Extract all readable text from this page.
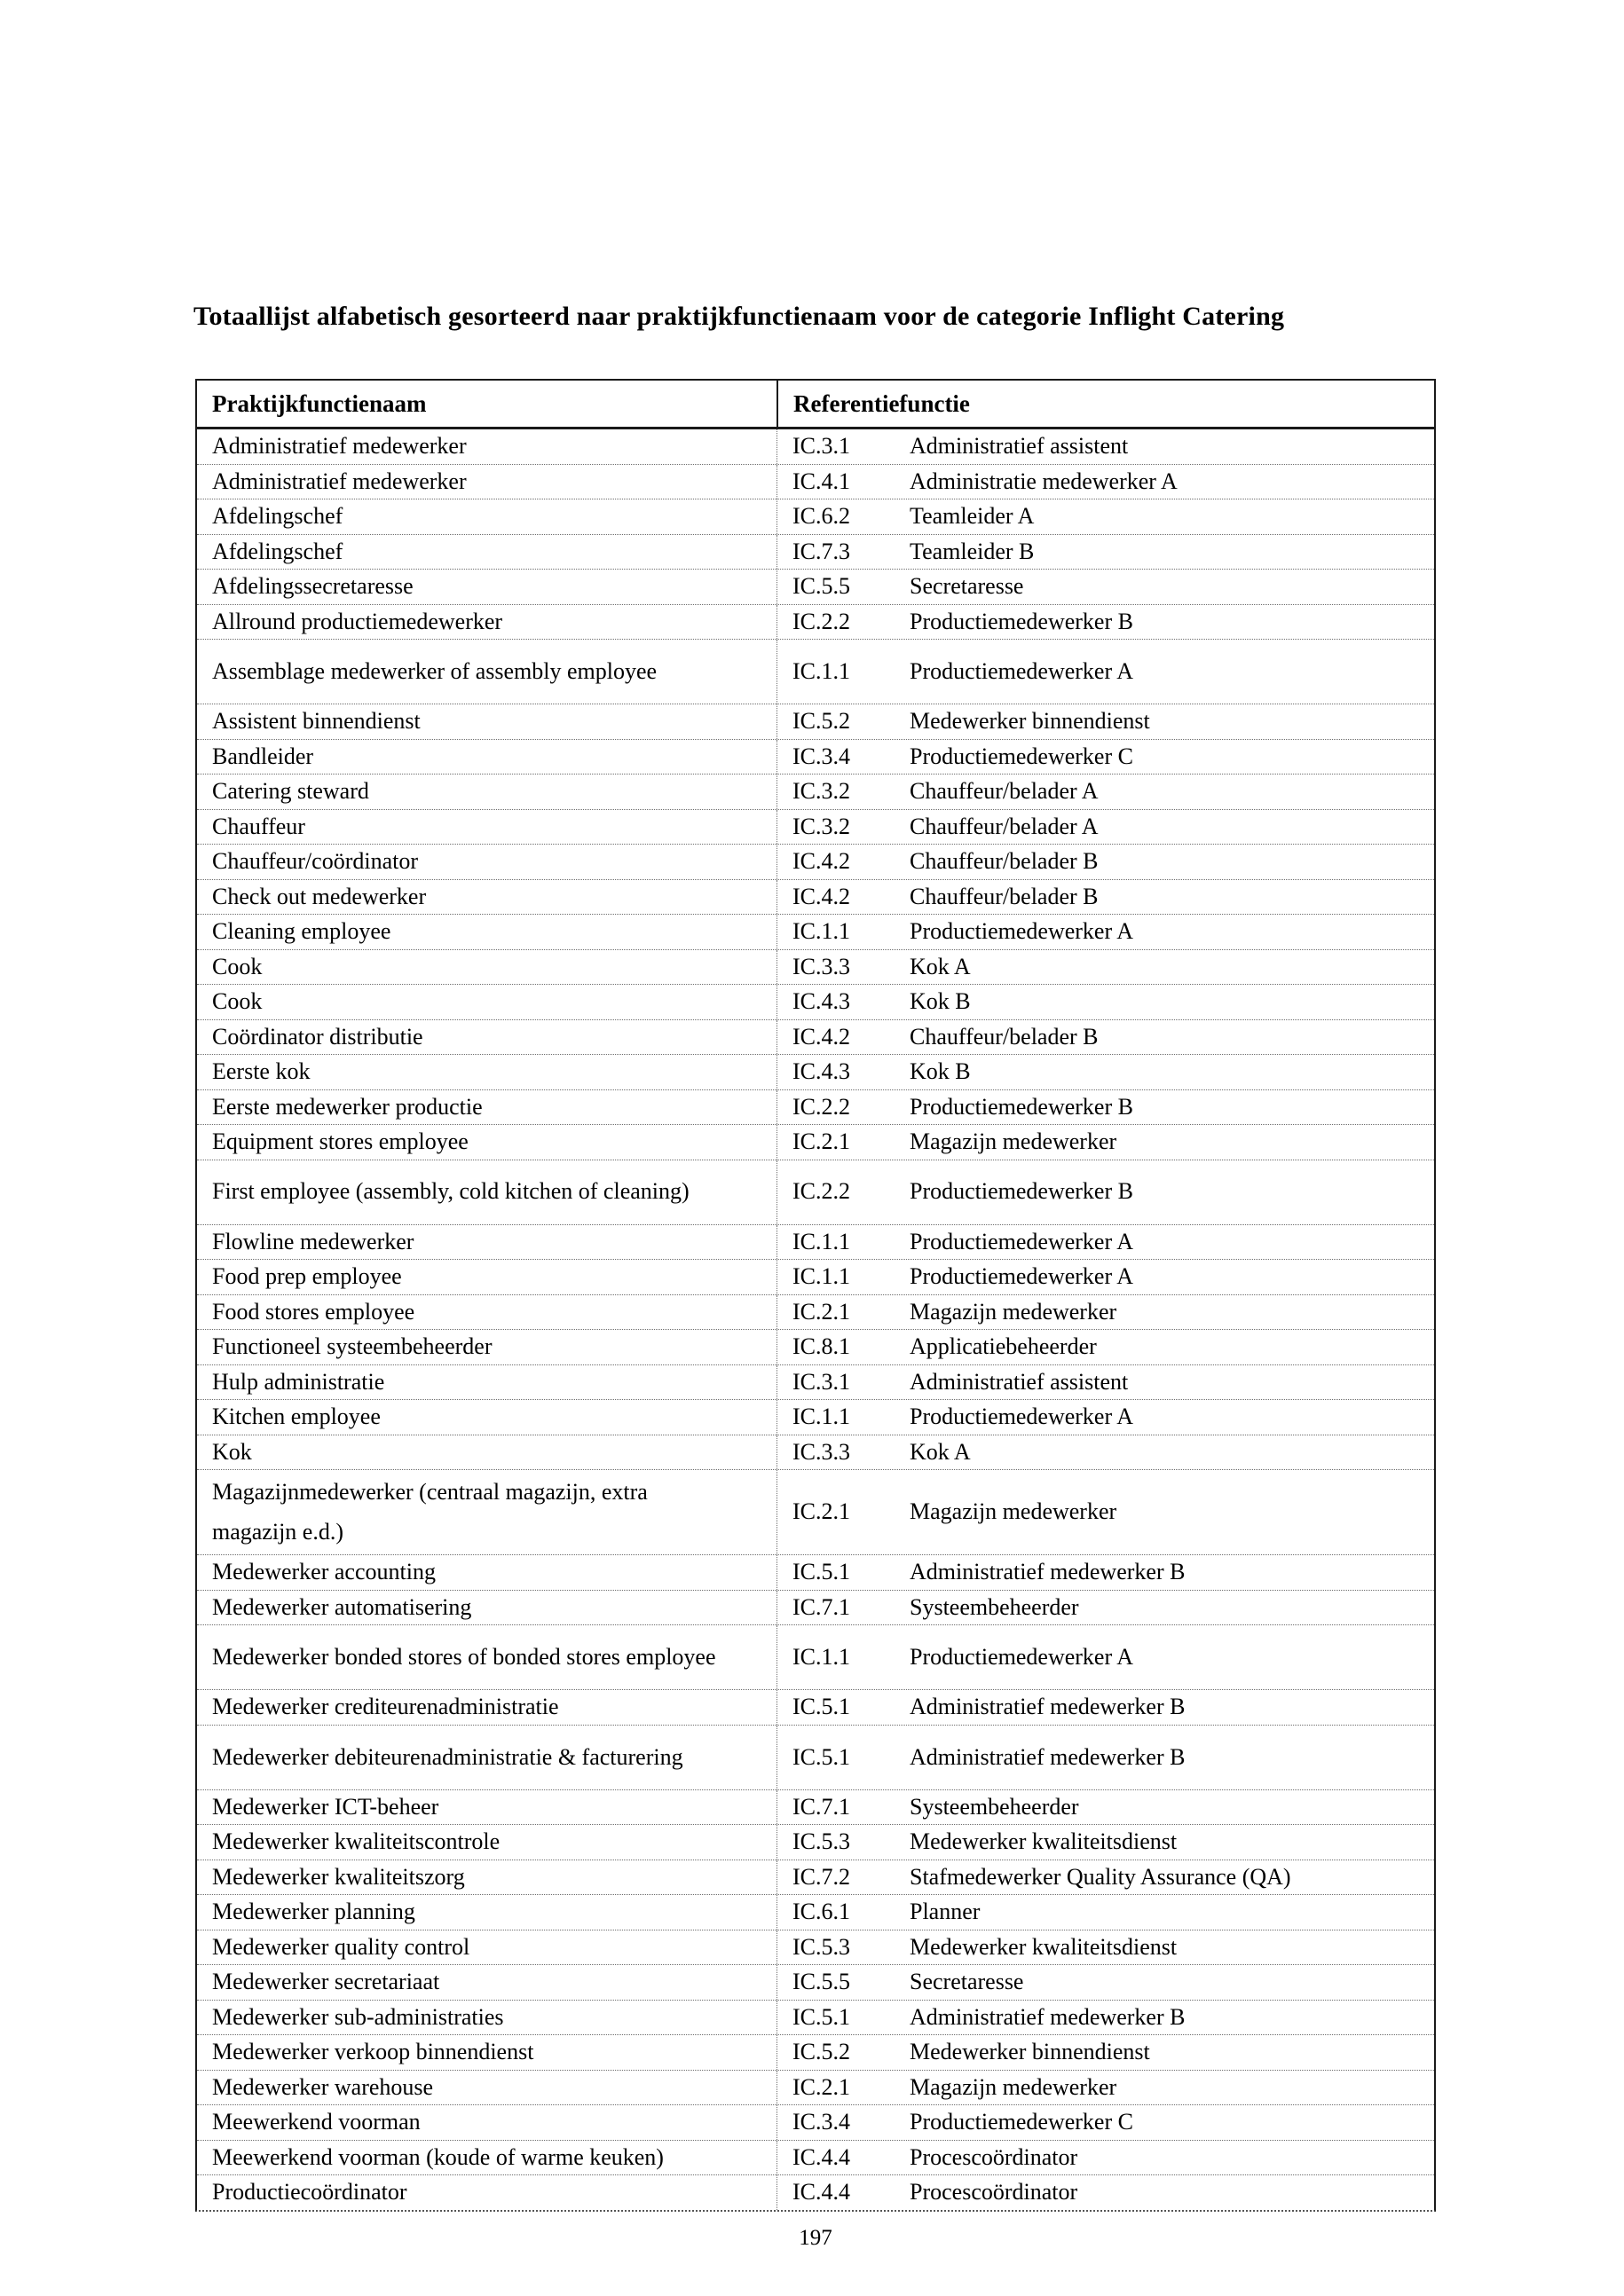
Totaallijst alfabetisch gesorteerd naar praktijkfunctienaam voor de categorie Inflight Catering
Praktijkfunctienaam	Referentiefunctie
Administratief medewerker	IC.3.1	Administratief assistent
Administratief medewerker	IC.4.1	Administratie medewerker A
Afdelingschef	IC.6.2	Teamleider A
Afdelingschef	IC.7.3	Teamleider B
Afdelingssecretaresse	IC.5.5	Secretaresse
Allround productiemedewerker	IC.2.2	Productiemedewerker B
Assemblage medewerker of assembly employee	IC.1.1	Productiemedewerker A
Assistent binnendienst	IC.5.2	Medewerker binnendienst
Bandleider	IC.3.4	Productiemedewerker C
Catering steward	IC.3.2	Chauffeur/belader A
Chauffeur	IC.3.2	Chauffeur/belader A
Chauffeur/coördinator	IC.4.2	Chauffeur/belader B
Check out medewerker	IC.4.2	Chauffeur/belader B
Cleaning employee	IC.1.1	Productiemedewerker A
Cook	IC.3.3	Kok A
Cook	IC.4.3	Kok B
Coördinator distributie	IC.4.2	Chauffeur/belader B
Eerste kok	IC.4.3	Kok B
Eerste medewerker productie	IC.2.2	Productiemedewerker B
Equipment stores employee	IC.2.1	Magazijn medewerker
First employee (assembly, cold kitchen of cleaning)	IC.2.2	Productiemedewerker B
Flowline medewerker	IC.1.1	Productiemedewerker A
Food prep employee	IC.1.1	Productiemedewerker A
Food stores employee	IC.2.1	Magazijn medewerker
Functioneel systeembeheerder	IC.8.1	Applicatiebeheerder
Hulp administratie	IC.3.1	Administratief assistent
Kitchen employee	IC.1.1	Productiemedewerker A
Kok	IC.3.3	Kok A
Magazijnmedewerker (centraal magazijn, extra magazijn e.d.)
IC.2.1	Magazijn medewerker
Medewerker accounting	IC.5.1	Administratief medewerker B
Medewerker automatisering	IC.7.1	Systeembeheerder
Medewerker bonded stores of bonded stores employee	IC.1.1	Productiemedewerker A
Medewerker crediteurenadministratie	IC.5.1	Administratief medewerker B
Medewerker debiteurenadministratie & facturering	IC.5.1	Administratief medewerker B
Medewerker ICT-beheer	IC.7.1	Systeembeheerder
Medewerker kwaliteitscontrole	IC.5.3	Medewerker kwaliteitsdienst
Medewerker kwaliteitszorg	IC.7.2	Stafmedewerker Quality Assurance (QA)
Medewerker planning	IC.6.1	Planner
Medewerker quality control	IC.5.3	Medewerker kwaliteitsdienst
Medewerker secretariaat	IC.5.5	Secretaresse
Medewerker sub-administraties	IC.5.1	Administratief medewerker B
Medewerker verkoop binnendienst	IC.5.2	Medewerker binnendienst
Medewerker warehouse	IC.2.1	Magazijn medewerker
Meewerkend voorman	IC.3.4	Productiemedewerker C
Meewerkend voorman (koude of warme keuken)	IC.4.4	Procescoördinator
Productiecoördinator	IC.4.4	Procescoördinator
197
